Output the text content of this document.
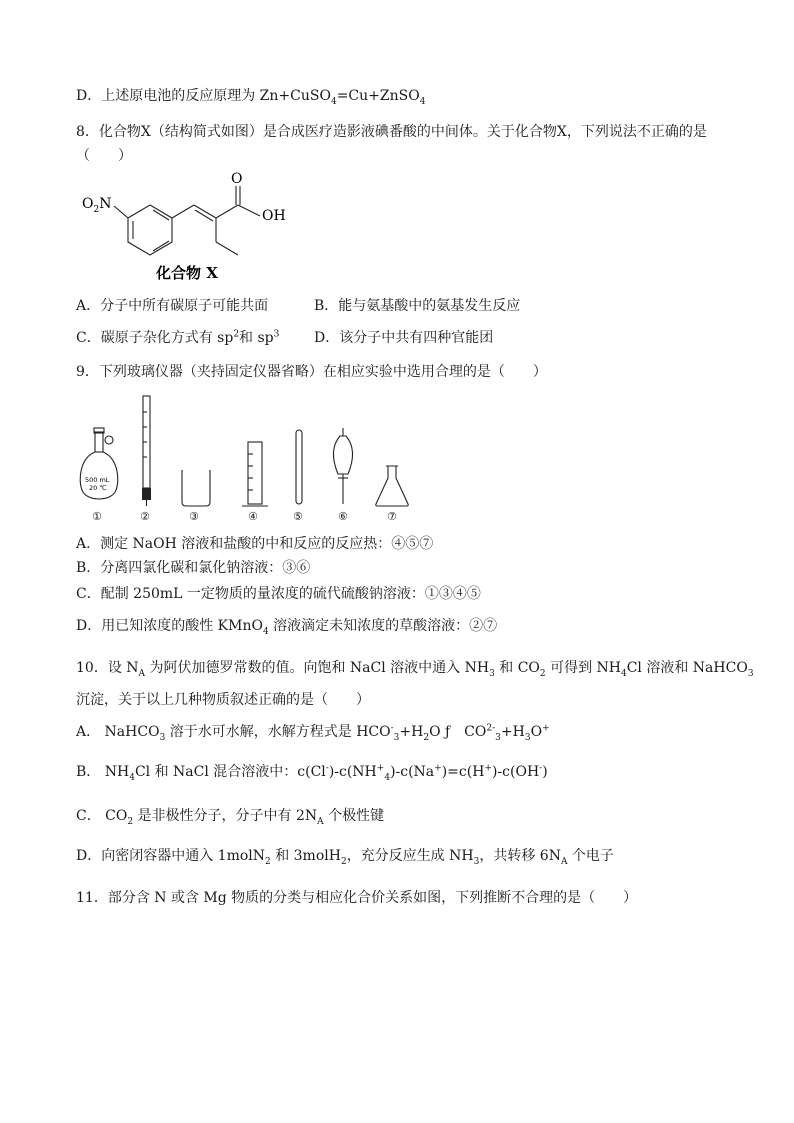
D．上述原电池的反应原理为 Zn+CuSO$_4$=Cu+ZnSO$_4$
8．化合物X（结构简式如图）是合成医疗造影液碘番酸的中间体。关于化合物X，下列说法不正确的是（　　）
$O_2N$
O
OH
化合物 X
A．分子中所有碳原子可能共面	B．能与氨基酸中的氨基发生反应
C．碳原子杂化方式有 $sp^2$和 $sp^3$ D．该分子中共有四种官能团
9．下列玻璃仪器（夹持固定仪器省略）在相应实验中选用合理的是（　　）
500 mL
20 ℃
①	②	③	④	⑤	⑥	⑦
A．测定 NaOH 溶液和盐酸的中和反应的反应热：④⑤⑦
B．分离四氯化碳和氯化钠溶液：③⑥
C．配制 250mL 一定物质的量浓度的硫代硫酸钠溶液：①③④⑤
D．用已知浓度的酸性 KMnO$_4$ 溶液滴定未知浓度的草酸溶液：②⑦
10．设 $N_A$ 为阿伏加德罗常数的值。向饱和 NaCl 溶液中通入 $NH_3$ 和 $CO_2$ 可得到 $NH_4Cl$ 溶液和 NaHCO$_3$
沉淀，关于以上几种物质叙述正确的是（　　）
A． NaHCO$_3$ 溶于水可水解，水解方程式是 $HCO^-_3+H_2O$ ƒ　$CO^{2-}_3+H_3O^+$
B． $NH_4Cl$ 和 NaCl 混合溶液中：$c(Cl^-)-c(NH^+_4)-c(Na^+)=c(H^+)-c(OH^-)$
C． $CO_2$ 是非极性分子，分子中有 $2N_A$ 个极性键
D．向密闭容器中通入 1molN$_2$ 和 3molH$_2$，充分反应生成 $NH_3$，共转移 $6N_A$ 个电子
11．部分含 N 或含 Mg 物质的分类与相应化合价关系如图，下列推断不合理的是（　　）
